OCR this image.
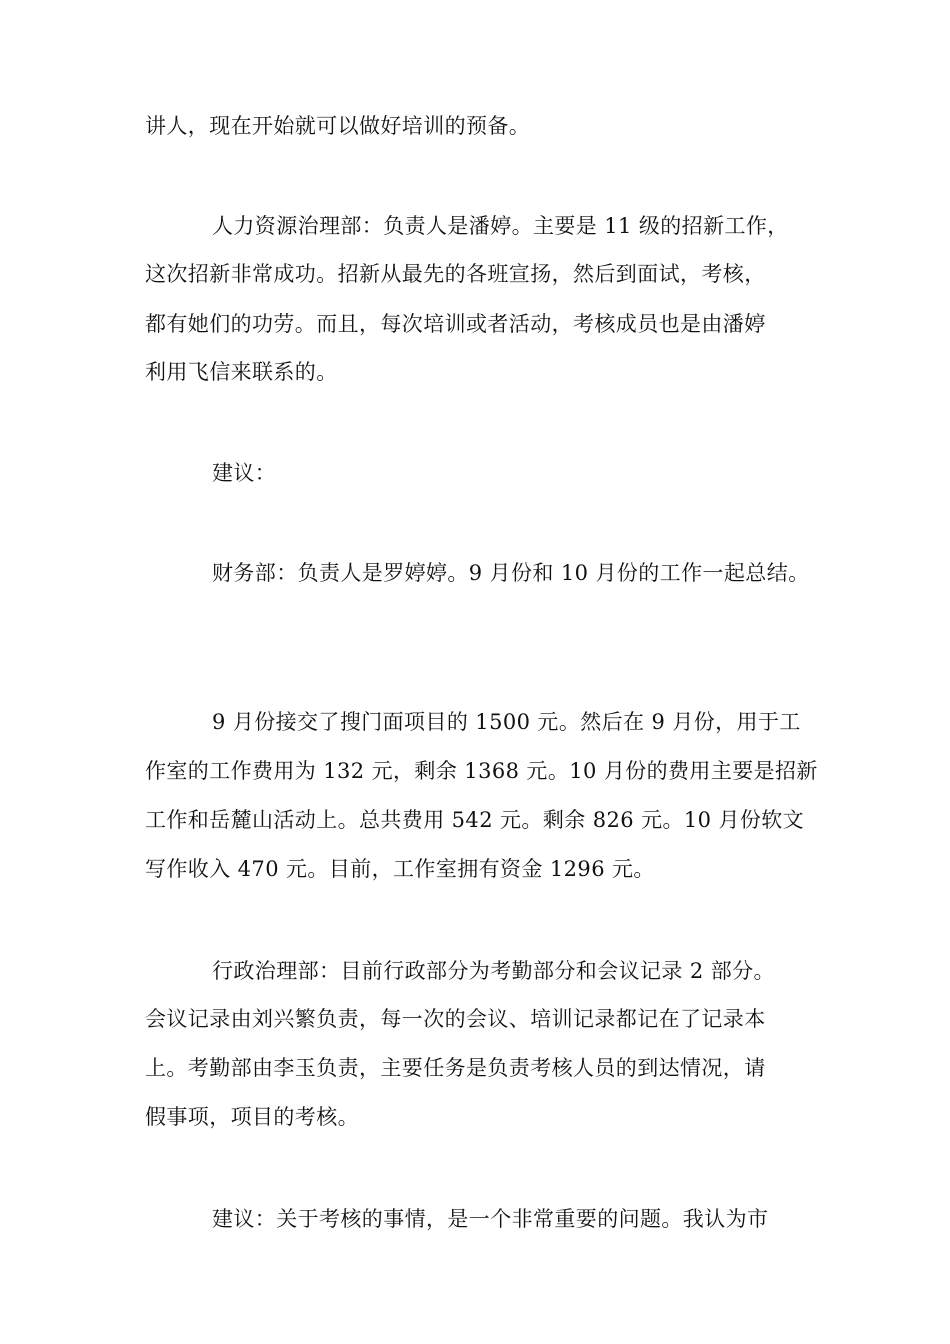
讲人，现在开始就可以做好培训的预备。
人力资源治理部：负责人是潘婷。主要是 11 级的招新工作，
这次招新非常成功。招新从最先的各班宣扬，然后到面试，考核，
都有她们的功劳。而且，每次培训或者活动，考核成员也是由潘婷
利用飞信来联系的。
建议：
财务部：负责人是罗婷婷。9 月份和 10 月份的工作一起总结。
9 月份接交了搜门面项目的 1500 元。然后在 9 月份，用于工
作室的工作费用为 132 元，剩余 1368 元。10 月份的费用主要是招新
工作和岳麓山活动上。总共费用 542 元。剩余 826 元。10 月份软文
写作收入 470 元。目前，工作室拥有资金 1296 元。
行政治理部：目前行政部分为考勤部分和会议记录 2 部分。
会议记录由刘兴繁负责，每一次的会议、培训记录都记在了记录本
上。考勤部由李玉负责，主要任务是负责考核人员的到达情况，请
假事项，项目的考核。
建议：关于考核的事情，是一个非常重要的问题。我认为市
